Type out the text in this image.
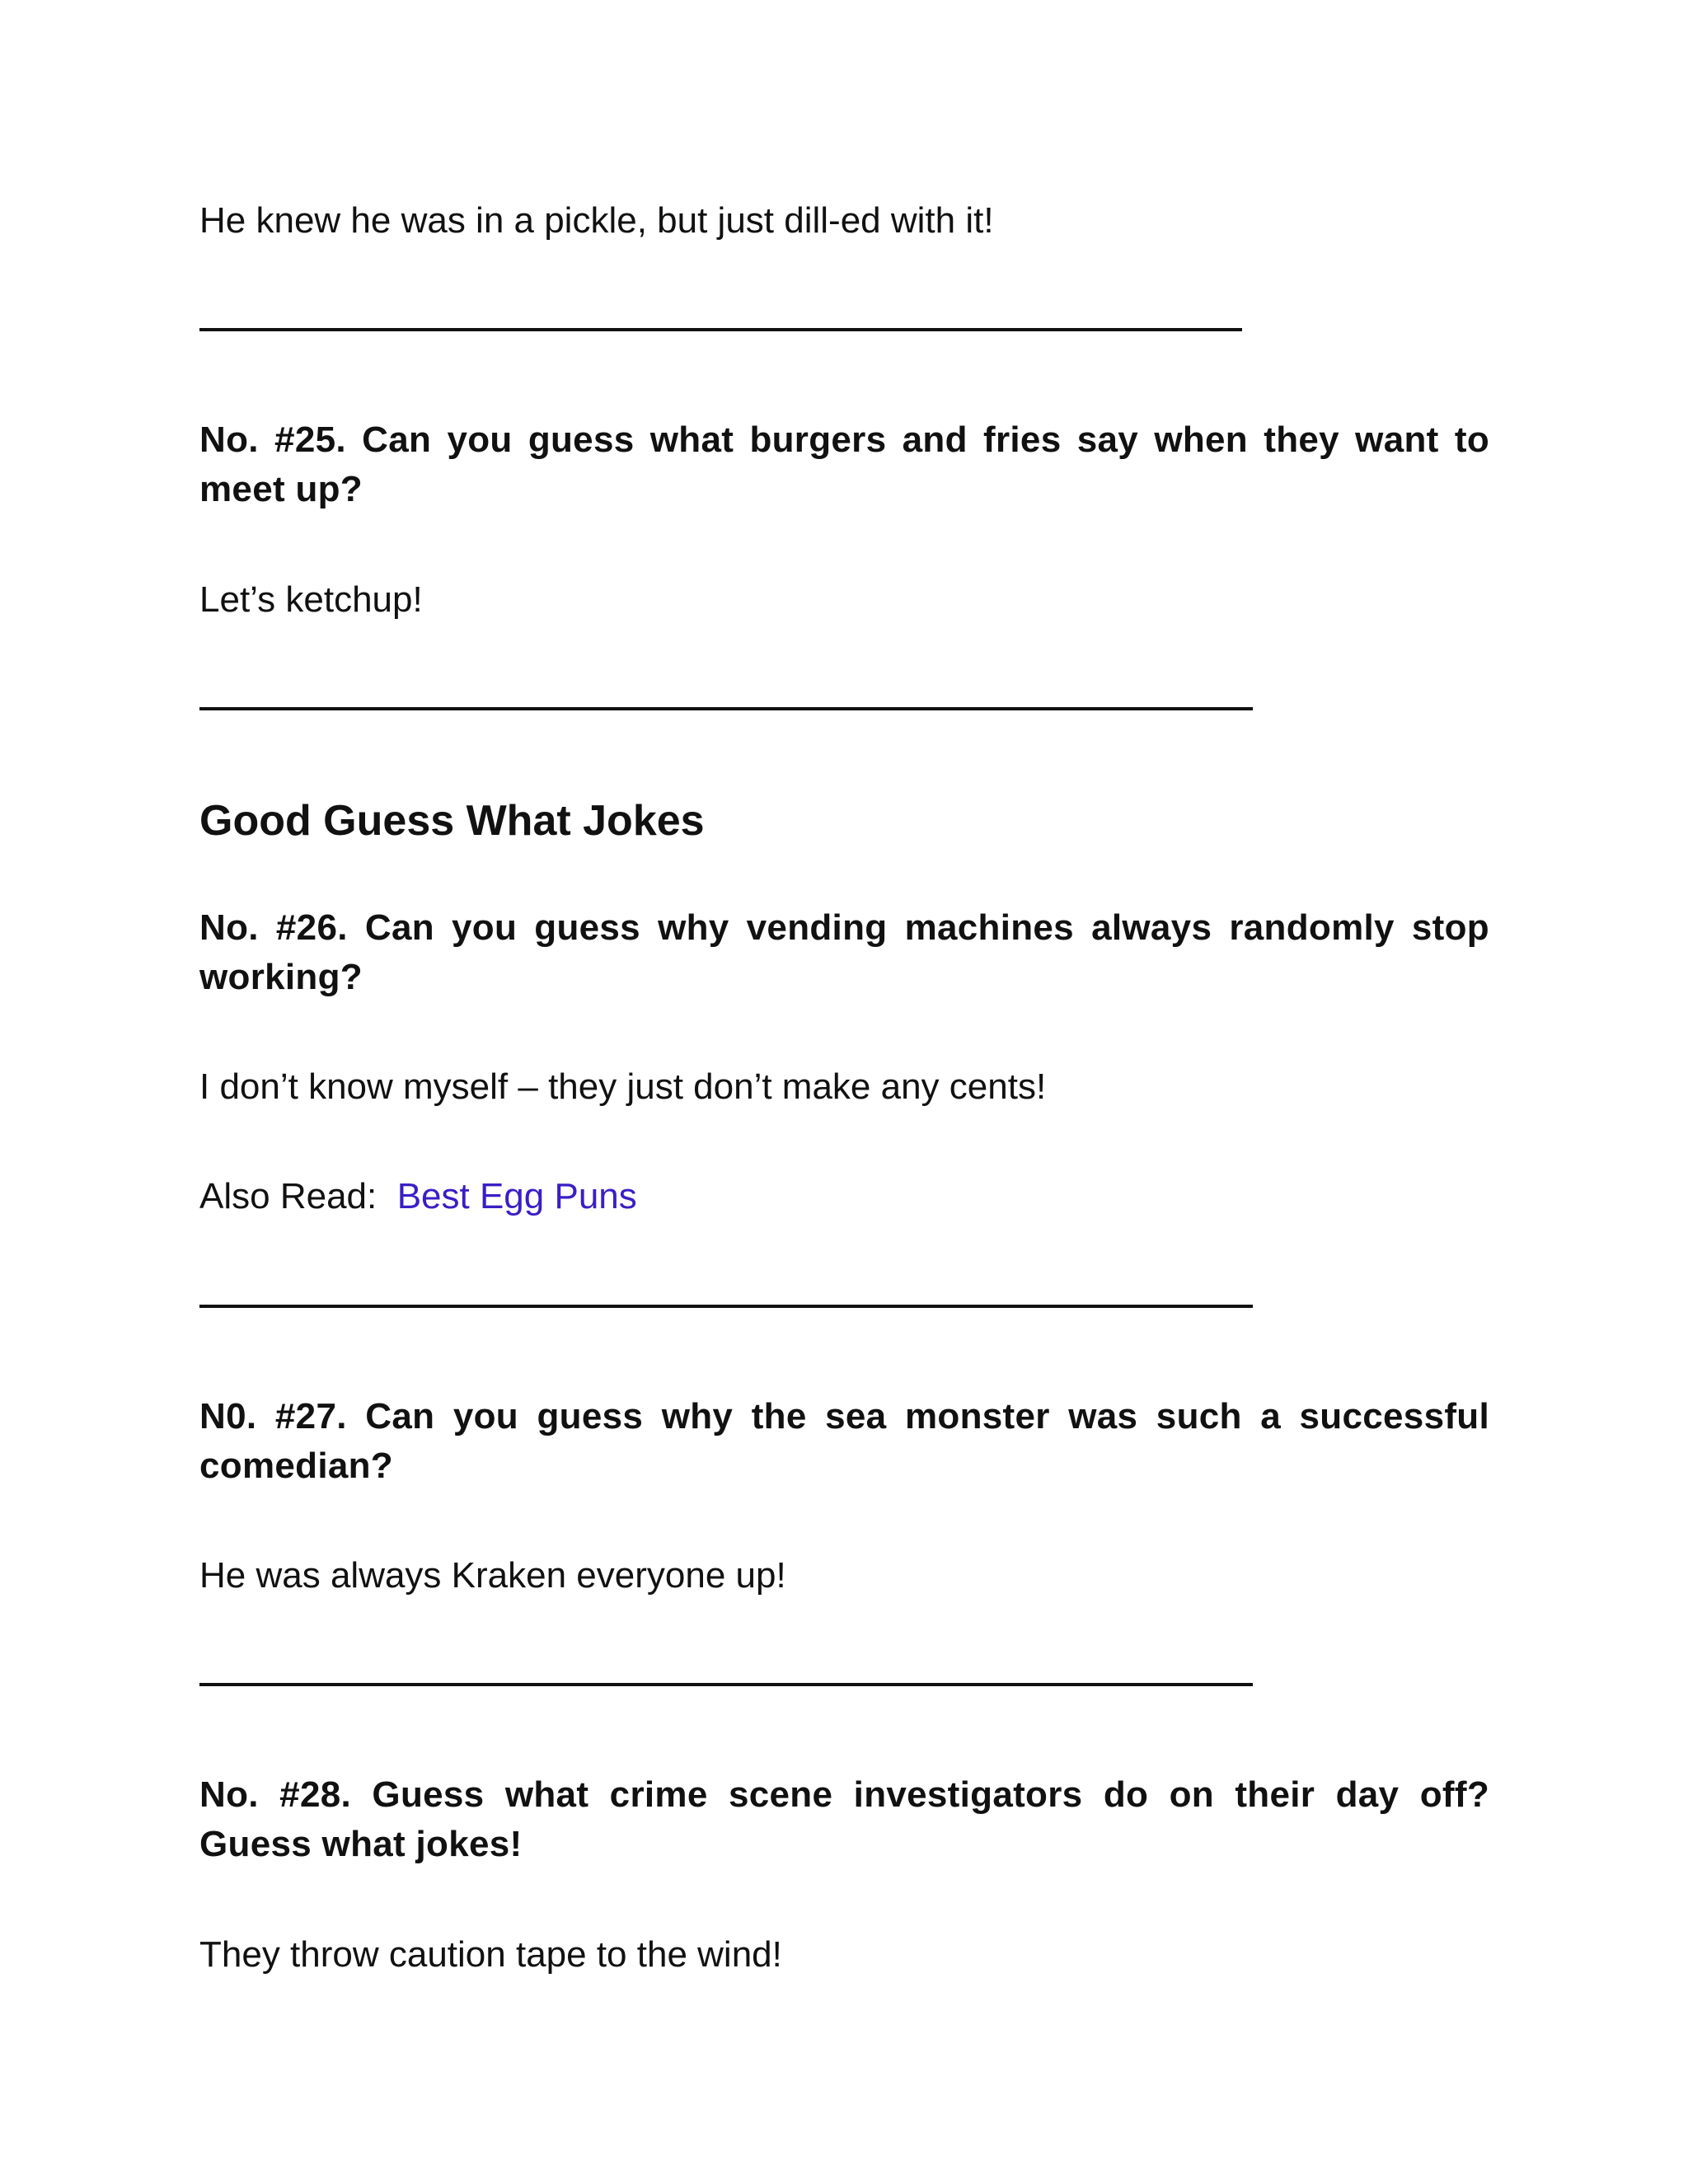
He knew he was in a pickle, but just dill-ed with it!

No. #25. Can you guess what burgers and fries say when they want to meet up?

Let’s ketchup!

Good Guess What Jokes

No. #26. Can you guess why vending machines always randomly stop working?

I don’t know myself – they just don’t make any cents!

Also Read: Best Egg Puns

N0. #27. Can you guess why the sea monster was such a successful comedian?

He was always Kraken everyone up!

No. #28. Guess what crime scene investigators do on their day off? Guess what jokes!

They throw caution tape to the wind!
